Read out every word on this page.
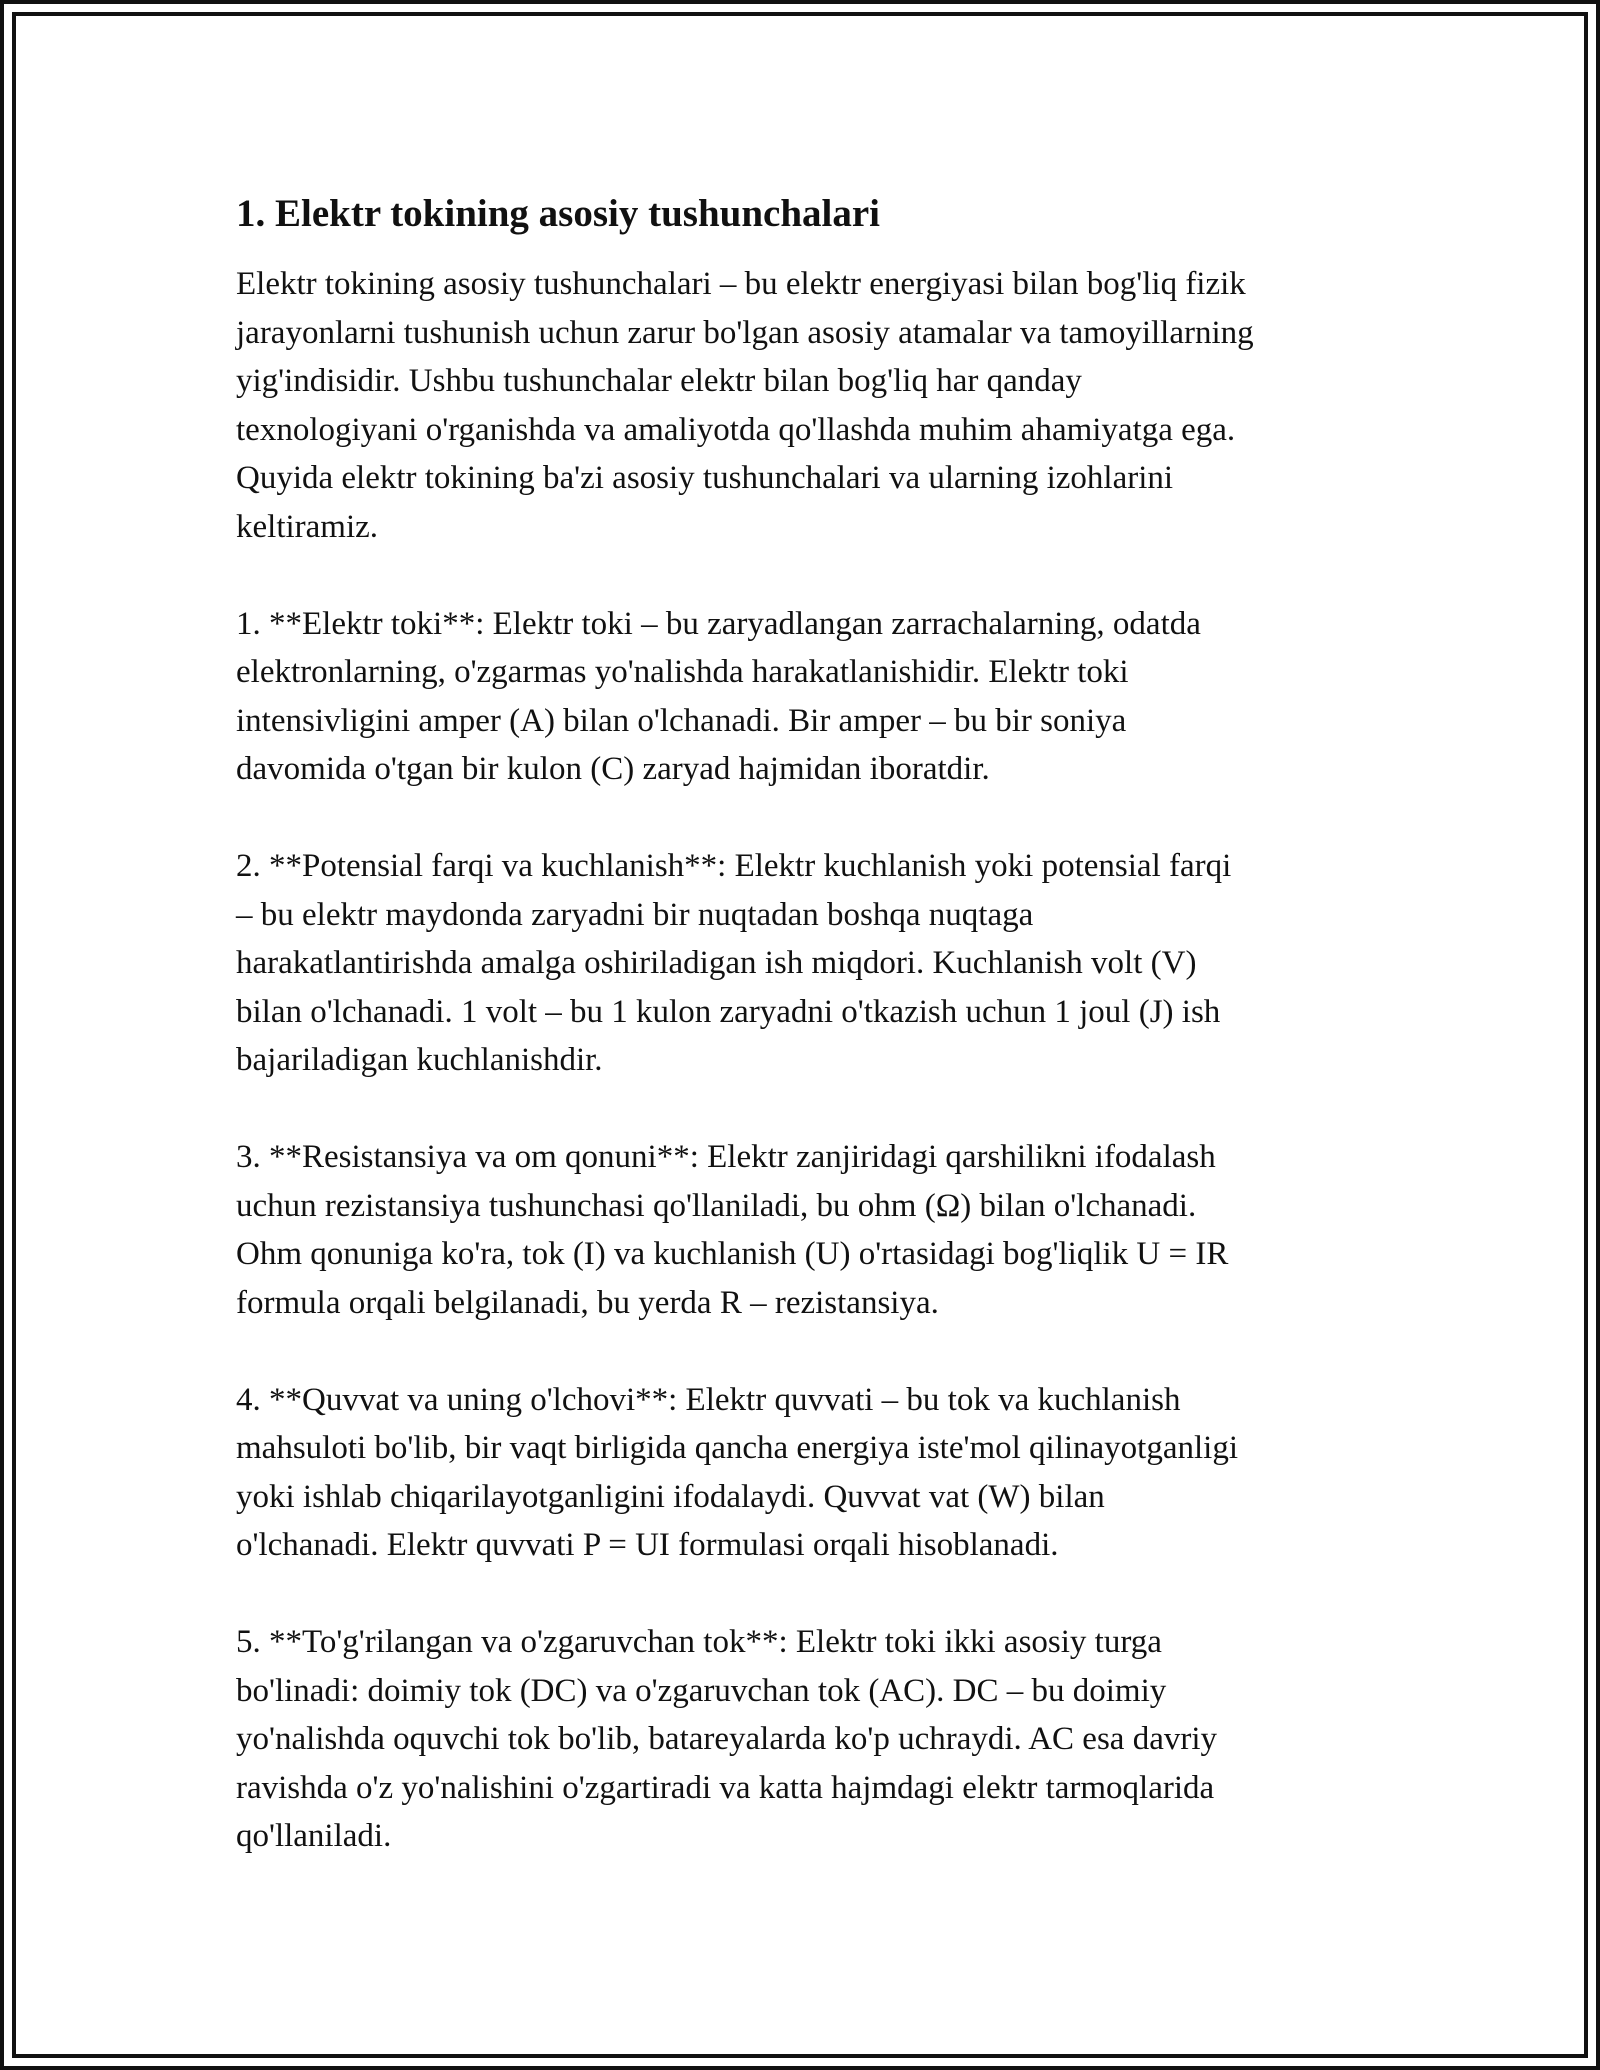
1. Elektr tokining asosiy tushunchalari

Elektr tokining asosiy tushunchalari – bu elektr energiyasi bilan bog'liq fizik
jarayonlarni tushunish uchun zarur bo'lgan asosiy atamalar va tamoyillarning
yig'indisidir. Ushbu tushunchalar elektr bilan bog'liq har qanday
texnologiyani o'rganishda va amaliyotda qo'llashda muhim ahamiyatga ega.
Quyida elektr tokining ba'zi asosiy tushunchalari va ularning izohlarini
keltiramiz.

1. **Elektr toki**: Elektr toki – bu zaryadlangan zarrachalarning, odatda
elektronlarning, o'zgarmas yo'nalishda harakatlanishidir. Elektr toki
intensivligini amper (A) bilan o'lchanadi. Bir amper – bu bir soniya
davomida o'tgan bir kulon (C) zaryad hajmidan iboratdir.

2. **Potensial farqi va kuchlanish**: Elektr kuchlanish yoki potensial farqi
– bu elektr maydonda zaryadni bir nuqtadan boshqa nuqtaga
harakatlantirishda amalga oshiriladigan ish miqdori. Kuchlanish volt (V)
bilan o'lchanadi. 1 volt – bu 1 kulon zaryadni o'tkazish uchun 1 joul (J) ish
bajariladigan kuchlanishdir.

3. **Resistansiya va om qonuni**: Elektr zanjiridagi qarshilikni ifodalash
uchun rezistansiya tushunchasi qo'llaniladi, bu ohm (Ω) bilan o'lchanadi.
Ohm qonuniga ko'ra, tok (I) va kuchlanish (U) o'rtasidagi bog'liqlik U = IR
formula orqali belgilanadi, bu yerda R – rezistansiya.

4. **Quvvat va uning o'lchovi**: Elektr quvvati – bu tok va kuchlanish
mahsuloti bo'lib, bir vaqt birligida qancha energiya iste'mol qilinayotganligi
yoki ishlab chiqarilayotganligini ifodalaydi. Quvvat vat (W) bilan
o'lchanadi. Elektr quvvati P = UI formulasi orqali hisoblanadi.

5. **To'g'rilangan va o'zgaruvchan tok**: Elektr toki ikki asosiy turga
bo'linadi: doimiy tok (DC) va o'zgaruvchan tok (AC). DC – bu doimiy
yo'nalishda oquvchi tok bo'lib, batareyalarda ko'p uchraydi. AC esa davriy
ravishda o'z yo'nalishini o'zgartiradi va katta hajmdagi elektr tarmoqlarida
qo'llaniladi.
